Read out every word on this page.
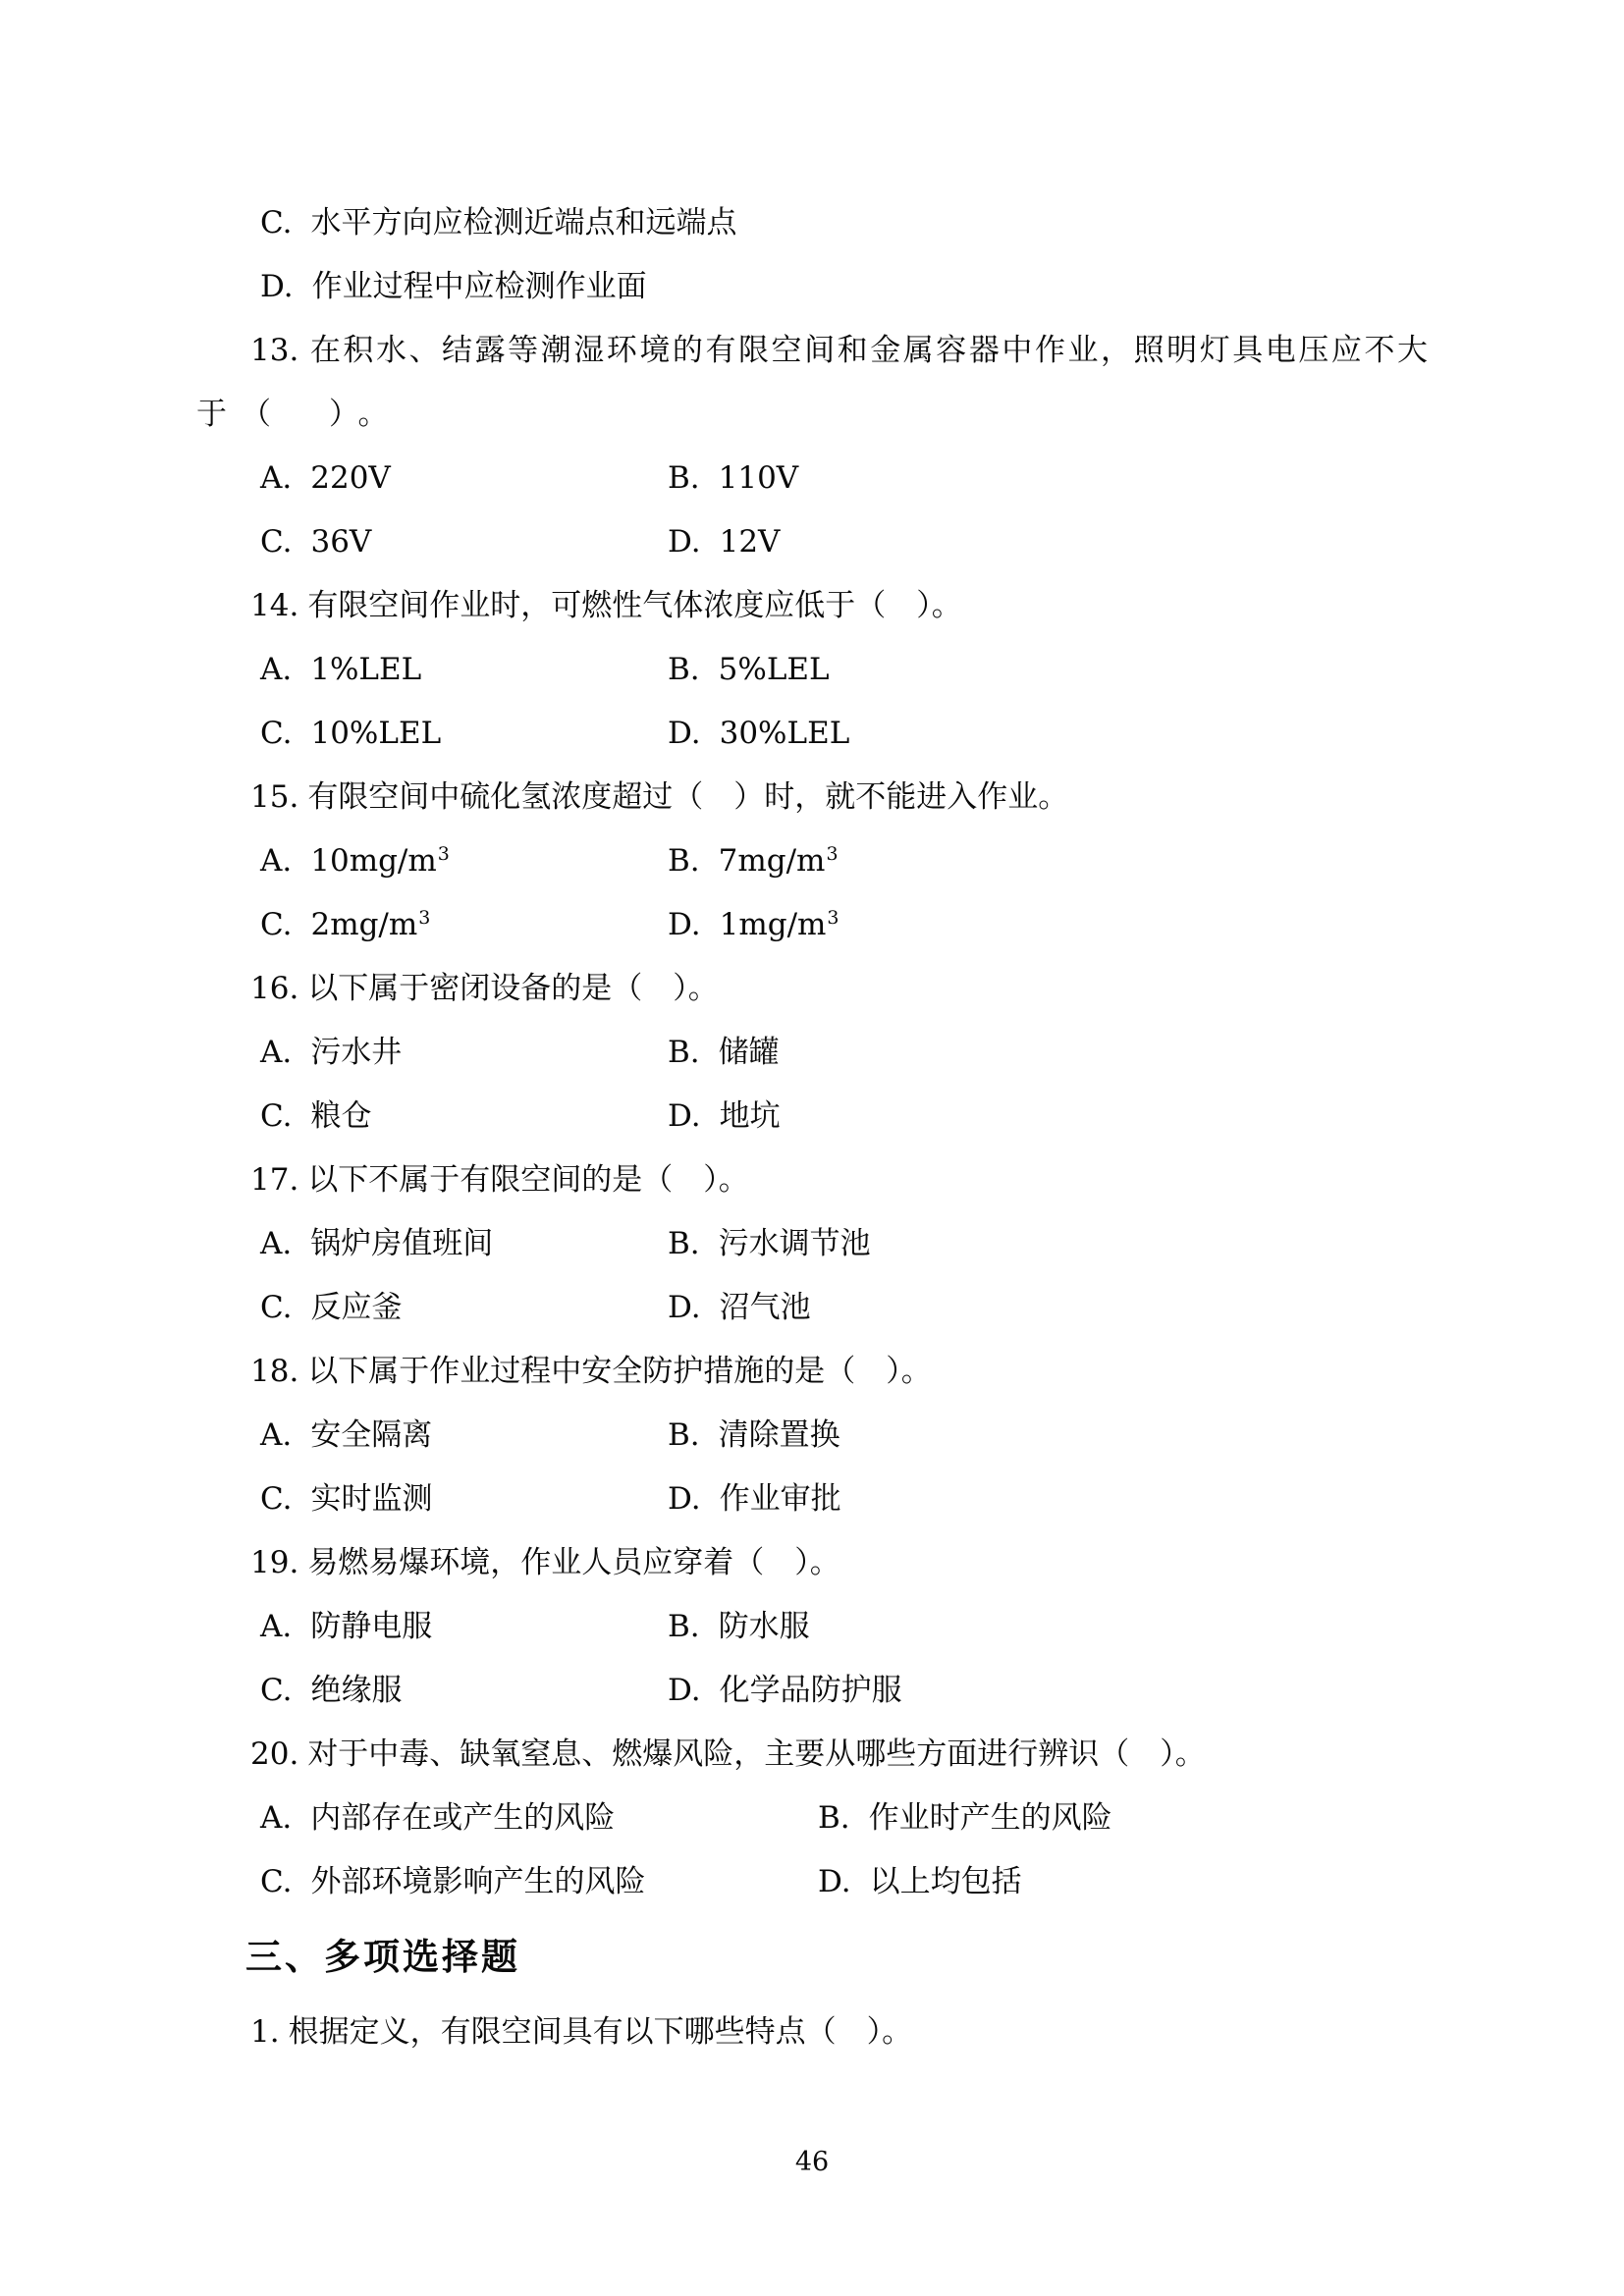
C. 水平方向应检测近端点和远端点
D. 作业过程中应检测作业面
13. 在积水、结露等潮湿环境的有限空间和金属容器中作业，照明灯具电压应不大
于（　）。
A. 220V	B. 110V
C. 36V	D. 12V
14. 有限空间作业时，可燃性气体浓度应低于（　）。
A. 1%LEL	B. 5%LEL
C. 10%LEL	D. 30%LEL
15. 有限空间中硫化氢浓度超过（　）时，就不能进入作业。
A. $10mg/m^3$	B. $7mg/m^3$
C. $2mg/m^3$	D. $1mg/m^3$
16. 以下属于密闭设备的是（　）。
A. 污水井	B. 储罐
C. 粮仓	D. 地坑
17. 以下不属于有限空间的是（　）。
A. 锅炉房值班间	B. 污水调节池
C. 反应釜	D. 沼气池
18. 以下属于作业过程中安全防护措施的是（　）。
A. 安全隔离	B. 清除置换
C. 实时监测	D. 作业审批
19. 易燃易爆环境，作业人员应穿着（　）。
A. 防静电服	B. 防水服
C. 绝缘服	D. 化学品防护服
20. 对于中毒、缺氧窒息、燃爆风险，主要从哪些方面进行辨识（　）。
A. 内部存在或产生的风险	B. 作业时产生的风险
C. 外部环境影响产生的风险	D. 以上均包括
三、多项选择题
1. 根据定义，有限空间具有以下哪些特点（　）。
46
